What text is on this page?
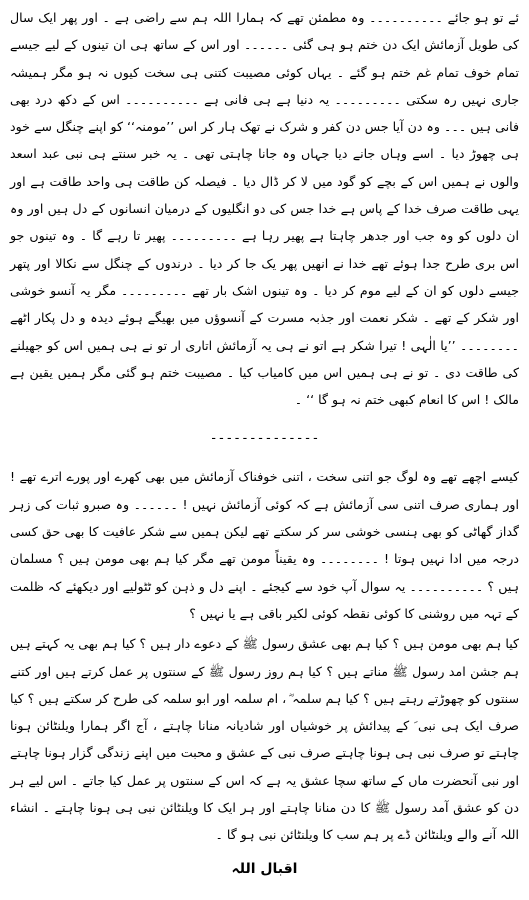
ئے تو ہو جائے ۔۔۔۔۔۔۔۔۔۔ وہ مطمئن تھے کہ ہمارا اللہ ہم سے راضی ہے ۔ اور پھر ایک سال کی طویل آزمائش ایک دن ختم ہو ہی گئی ۔۔۔۔۔۔ اور اس کے ساتھ ہی ان تینوں کے لیے جیسے تمام خوف تمام غم ختم ہو گئے ۔ یہاں کوئی مصیبت کتنی ہی سخت کیوں نہ ہو مگر ہمیشہ جاری نہیں رہ سکتی ۔۔۔۔۔۔۔۔۔ یہ دنیا ہے ہی فانی ہے ۔۔۔۔۔۔۔۔۔۔ اس کے دکھ درد بھی فانی ہیں ۔۔۔ وہ دن آیا جس دن کفر و شرک نے تھک ہار کر اس ’’مومنہ‘‘ کو اپنے چنگل سے خود ہی چھوڑ دیا ۔ اسے وہاں جانے دیا جہاں وہ جانا چاہتی تھی ۔ یہ خبر سنتے ہی نبی عبد اسعد والوں نے ہمیں اس کے بچے کو گود میں لا کر ڈال دیا ۔ فیصلہ کن طاقت ہی واحد طاقت ہے اور یہی طاقت صرف خدا کے پاس ہے خدا جس کی دو انگلیوں کے درمیان انسانوں کے دل ہیں اور وہ ان دلوں کو وہ جب اور جدھر چاہتا ہے پھیر رہا ہے ۔۔۔۔۔۔۔۔۔ پھیر تا رہے گا ۔ وہ تینوں جو اس بری طرح جدا ہوئے تھے خدا نے انھیں پھر یک جا کر دیا ۔ درندوں کے چنگل سے نکالا اور پتھر جیسے دلوں کو ان کے لیے موم کر دیا ۔ وہ تینوں اشک بار تھے ۔۔۔۔۔۔۔۔۔ مگر یہ آنسو خوشی اور شکر کے تھے ۔ شکر نعمت اور جذبہ مسرت کے آنسوؤں میں بھیگے ہوئے دیدہ و دل پکار اٹھے ۔۔۔۔۔۔۔۔ ’’یا الٰہی ! تیرا شکر ہے اتو نے ہی یہ آزمائش اتاری ار تو نے ہی ہمیں اس کو جھیلنے کی طاقت دی ۔ تو نے ہی ہمیں اس میں کامیاب کیا ۔ مصیبت ختم ہو گئی مگر ہمیں یقین ہے مالک ! اس کا انعام کبھی ختم نہ ہو گا ‘‘ ۔

--------------

کیسے اچھے تھے وہ لوگ جو اتنی سخت ، اتنی خوفناک آزمائش میں بھی کھرے اور پورے اترے تھے ! اور ہماری صرف اتنی سی آزمائش ہے کہ کوئی آزمائش نہیں ! ۔۔۔۔۔۔ وہ صبرو ثبات کی زہر گداز گھاٹی کو بھی ہنسی خوشی سر کر سکتے تھے لیکن ہمیں سے شکر عافیت کا بھی حق کسی درجہ میں ادا نہیں ہوتا ! ۔۔۔۔۔۔۔۔ وہ یقیناً مومن تھے مگر کیا ہم بھی مومن ہیں ؟ مسلمان ہیں ؟ ۔۔۔۔۔۔۔۔۔۔ یہ سوال آپ خود سے کیجئے ۔ اپنے دل و ذہن کو ٹٹولیے اور دیکھئے کہ ظلمت کے تہہ میں روشنی کا کوئی نقطہ کوئی لکیر باقی ہے یا نہیں ؟

کیا ہم بھی مومن ہیں ؟ کیا ہم بھی عشق رسول ﷺ کے دعوے دار ہیں ؟ کیا ہم بھی یہ کہتے ہیں ہم جشن امد رسول ﷺ مناتے ہیں ؟ کیا ہم روز رسول ﷺ کے سنتوں پر عمل کرتے ہیں اور کتنے سنتوں کو چھوڑتے رہتے ہیں ؟ کیا ہم سلمہ ؓ ، ام سلمہ اور ابو سلمہ کی طرح کر سکتے ہیں ؟ کیا صرف ایک ہی نبی ؐ کے پیدائش پر خوشیاں اور شادیانہ منانا چاہتے ، آج اگر ہمارا ویلنٹائن ہونا چاہتے تو صرف نبی ہی ہونا چاہتے صرف نبی کے عشق و محبت میں اپنے زندگی گزار ہونا چاہتے اور نبی آنحضرت ماں کے ساتھ سچا عشق یہ ہے کہ اس کے سنتوں پر عمل کیا جاتے ۔ اس لیے ہر دن کو عشق آمد رسول ﷺ کا دن منانا چاہتے اور ہر ایک کا ویلنٹائن نبی ہی ہونا چاہتے ۔ انشاء اللہ آنے والے ویلنٹائن ڈے پر ہم سب کا ویلنٹائن نبی ہو گا ۔

اقبال اللہ
